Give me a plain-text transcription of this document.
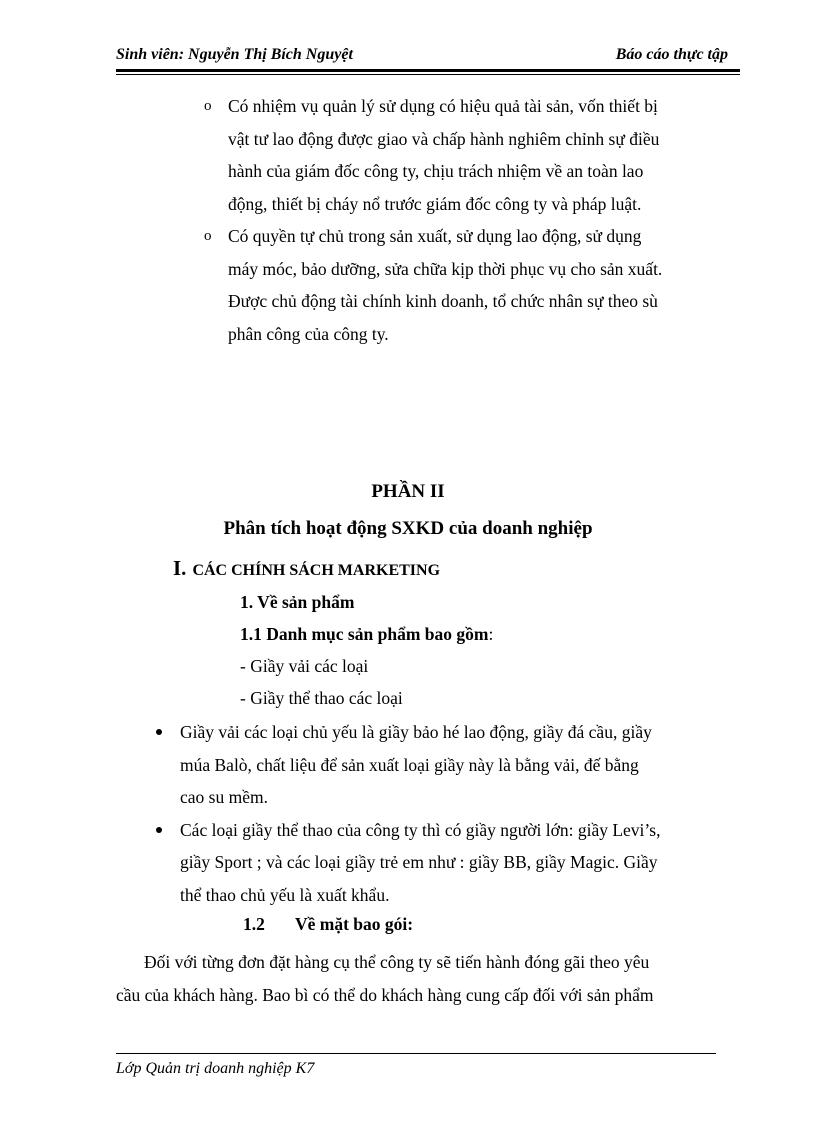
Sinh viên: Nguyễn Thị Bích Nguyệt	Báo cáo thực tập
o Có nhiệm vụ quản lý sử dụng có hiệu quả tài sản, vốn thiết bị
vật tư lao động được giao và chấp hành nghiêm chỉnh sự điều
hành của giám đốc công ty, chịu trách nhiệm về an toàn lao
động, thiết bị cháy nổ trước giám đốc công ty và pháp luật.
o Có quyền tự chủ trong sản xuất, sử dụng lao động, sử dụng
máy móc, bảo dưỡng, sửa chữa kịp thời phục vụ cho sản xuất.
Được chủ động tài chính kinh doanh, tổ chức nhân sự theo sù
phân công của công ty.
PHẦN II
Phân tích hoạt động SXKD của doanh nghiệp
I. CÁC CHÍNH SÁCH MARKETING
1. Về sản phẩm
1.1 Danh mục sản phẩm bao gồm:
- Giầy vải các loại
- Giầy thể thao các loại
Giầy vải các loại chủ yếu là giầy bảo hé lao động, giầy đá cầu, giầy
múa Balò, chất liệu để sản xuất loại giầy này là bằng vải, đế bằng
cao su mềm.
Các loại giầy thể thao của công ty thì có giầy người lớn: giầy Levi’s,
giầy Sport ; và các loại giầy trẻ em như : giầy BB, giầy Magic. Giầy
thể thao chủ yếu là xuất khẩu.
1.2 Về mặt bao gói:
Đối với từng đơn đặt hàng cụ thể công ty sẽ tiến hành đóng gãi theo yêu
cầu của khách hàng. Bao bì có thể do khách hàng cung cấp đối với sản phẩm
Lớp Quản trị doanh nghiệp K7
